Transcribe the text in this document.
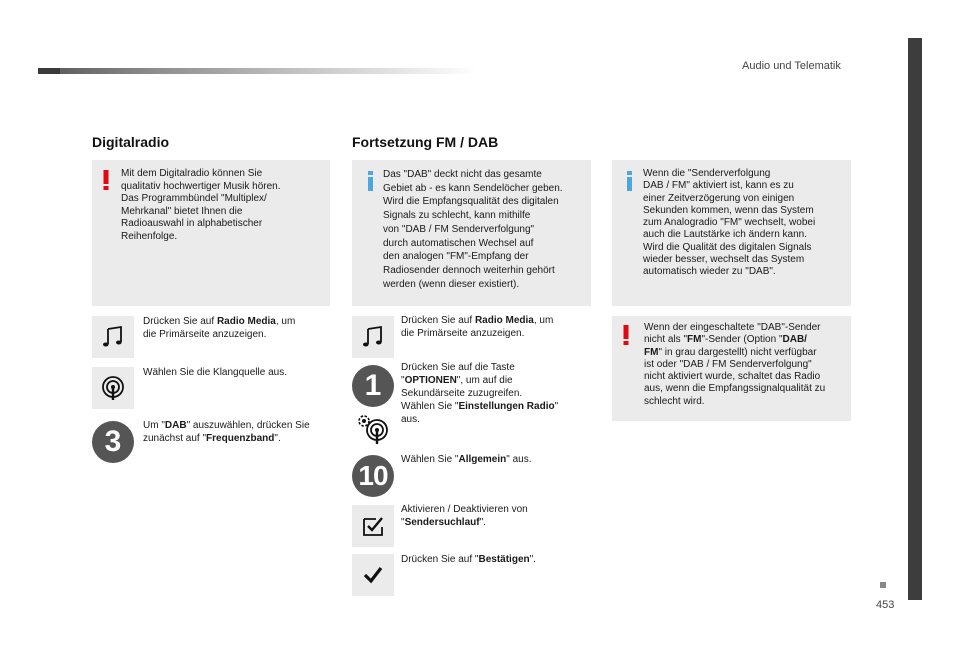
Audio und Telematik
453
Digitalradio
Mit dem Digitalradio können Sie
qualitativ hochwertiger Musik hören.
Das Programmbündel "Multiplex/
Mehrkanal" bietet Ihnen die
Radioauswahl in alphabetischer
Reihenfolge.
Drücken Sie auf Radio Media, um
die Primärseite anzuzeigen.
Wählen Sie die Klangquelle aus.
3	Um "DAB" auszuwählen, drücken Sie
zunächst auf "Frequenzband".
Fortsetzung FM / DAB
Das "DAB" deckt nicht das gesamte
Gebiet ab - es kann Sendelöcher geben.
Wird die Empfangsqualität des digitalen
Signals zu schlecht, kann mithilfe
von "DAB / FM Senderverfolgung"
durch automatischen Wechsel auf
den analogen "FM"-Empfang der
Radiosender dennoch weiterhin gehört
werden (wenn dieser existiert).
Drücken Sie auf Radio Media, um
die Primärseite anzuzeigen.
1
Drücken Sie auf die Taste
"OPTIONEN", um auf die
Sekundärseite zuzugreifen.
Wählen Sie "Einstellungen Radio"
aus.
10
Wählen Sie "Allgemein" aus.
Aktivieren / Deaktivieren von
"Sendersuchlauf".
Drücken Sie auf "Bestätigen".
Wenn die "Senderverfolgung
DAB / FM" aktiviert ist, kann es zu
einer Zeitverzögerung von einigen
Sekunden kommen, wenn das System
zum Analogradio "FM" wechselt, wobei
auch die Lautstärke ich ändern kann.
Wird die Qualität des digitalen Signals
wieder besser, wechselt das System
automatisch wieder zu "DAB".
Wenn der eingeschaltete "DAB"-Sender
nicht als "FM"-Sender (Option "DAB/
FM" in grau dargestellt) nicht verfügbar
ist oder "DAB / FM Senderverfolgung"
nicht aktiviert wurde, schaltet das Radio
aus, wenn die Empfangssignalqualität zu
schlecht wird.
